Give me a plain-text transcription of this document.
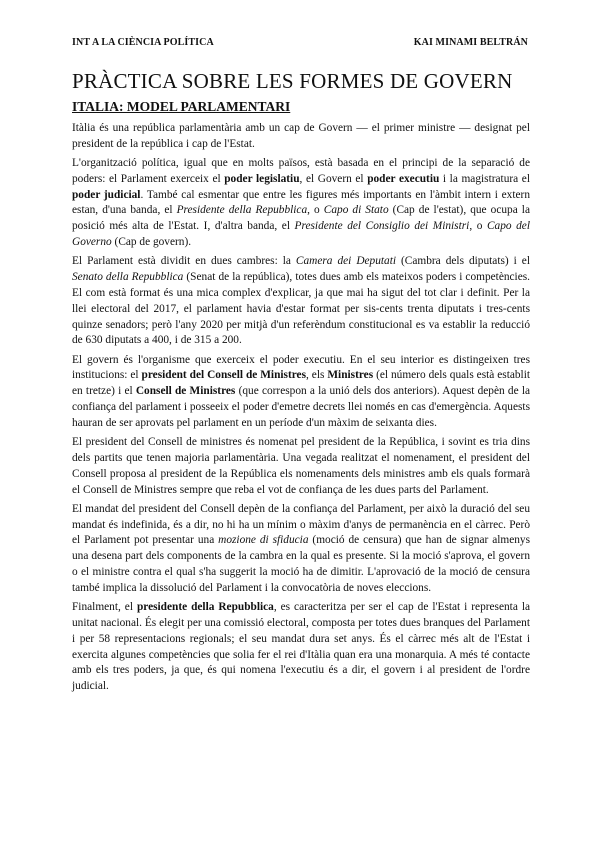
INT A LA CIÈNCIA POLÍTICA	KAI MINAMI BELTRÁN
PRÀCTICA SOBRE LES FORMES DE GOVERN
ITALIA: MODEL PARLAMENTARI

Itàlia és una república parlamentària amb un cap de Govern — el primer ministre — designat pel president de la república i cap de l'Estat.

L'organització política, igual que en molts països, està basada en el principi de la separació de poders: el Parlament exerceix el poder legislatiu, el Govern el poder executiu i la magistratura el poder judicial. També cal esmentar que entre les figures més importants en l'àmbit intern i extern estan, d'una banda, el Presidente della Repubblica, o Capo di Stato (Cap de l'estat), que ocupa la posició més alta de l'Estat. I, d'altra banda, el Presidente del Consiglio dei Ministri, o Capo del Governo (Cap de govern).

El Parlament està dividit en dues cambres: la Camera dei Deputati (Cambra dels diputats) i el Senato della Repubblica (Senat de la república), totes dues amb els mateixos poders i competències. El com està format és una mica complex d'explicar, ja que mai ha sigut del tot clar i definit. Per la llei electoral del 2017, el parlament havia d'estar format per sis-cents trenta diputats i tres-cents quinze senadors; però l'any 2020 per mitjà d'un referèndum constitucional es va establir la reducció de 630 diputats a 400, i de 315 a 200.

El govern és l'organisme que exerceix el poder executiu. En el seu interior es distingeixen tres institucions: el president del Consell de Ministres, els Ministres (el número dels quals està establit en tretze) i el Consell de Ministres (que correspon a la unió dels dos anteriors). Aquest depèn de la confiança del parlament i posseeix el poder d'emetre decrets llei només en cas d'emergència. Aquests hauran de ser aprovats pel parlament en un període d'un màxim de seixanta dies.

El president del Consell de ministres és nomenat pel president de la República, i sovint es tria dins dels partits que tenen majoria parlamentària. Una vegada realitzat el nomenament, el president del Consell proposa al president de la República els nomenaments dels ministres amb els quals formarà el Consell de Ministres sempre que reba el vot de confiança de les dues parts del Parlament.

El mandat del president del Consell depèn de la confiança del Parlament, per això la duració del seu mandat és indefinida, és a dir, no hi ha un mínim o màxim d'anys de permanència en el càrrec. Però el Parlament pot presentar una mozione di sfiducia (moció de censura) que han de signar almenys una desena part dels components de la cambra en la qual es presente. Si la moció s'aprova, el govern o el ministre contra el qual s'ha suggerit la moció ha de dimitir. L'aprovació de la moció de censura també implica la dissolució del Parlament i la convocatòria de noves eleccions.

Finalment, el presidente della Repubblica, es caracteritza per ser el cap de l'Estat i representa la unitat nacional. És elegit per una comissió electoral, composta per totes dues branques del Parlament i per 58 representacions regionals; el seu mandat dura set anys. És el càrrec més alt de l'Estat i exercita algunes competències que solia fer el rei d'Itàlia quan era una monarquia. A més té contacte amb els tres poders, ja que, és qui nomena l'executiu és a dir, el govern i al president de l'ordre judicial.
